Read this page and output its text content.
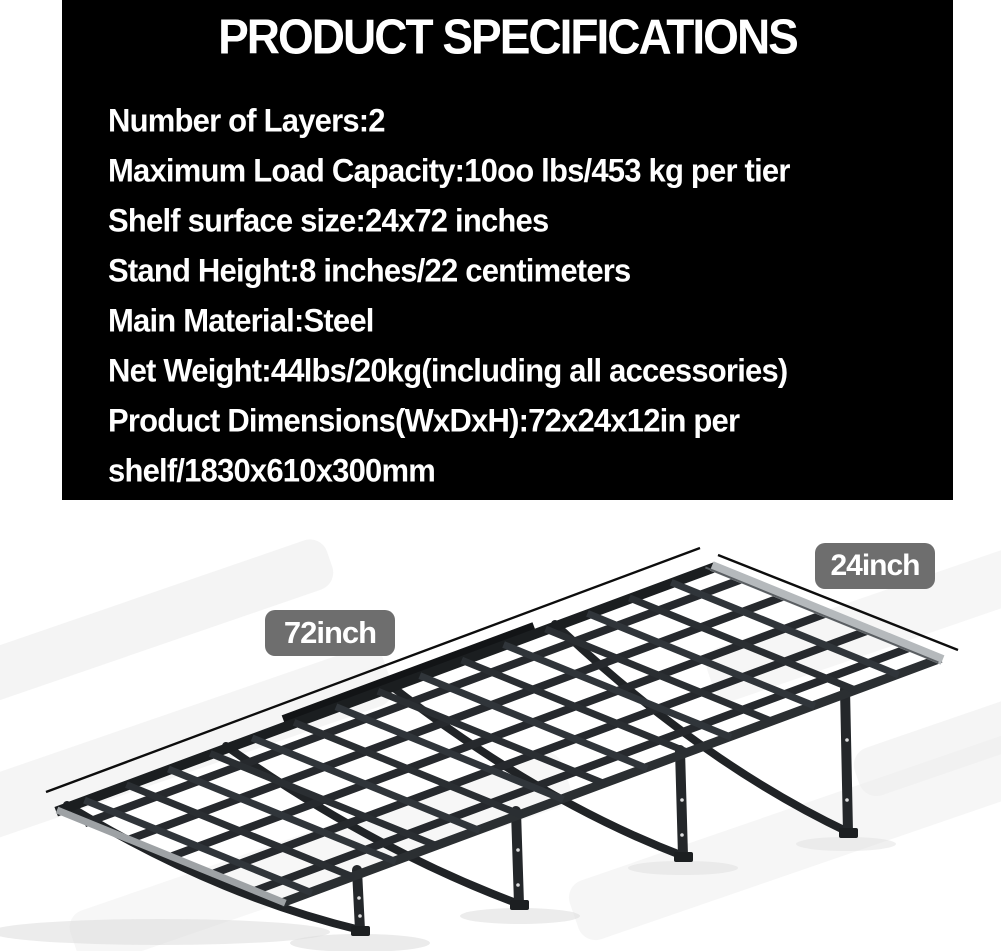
PRODUCT SPECIFICATIONS
Number of Layers:2
Maximum Load Capacity:10oo lbs/453 kg per tier
Shelf surface size:24x72 inches
Stand Height:8 inches/22 centimeters
Main Material:Steel
Net Weight:44lbs/20kg(including all accessories)
Product Dimensions(WxDxH):72x24x12in per
shelf/1830x610x300mm
72inch
24inch
